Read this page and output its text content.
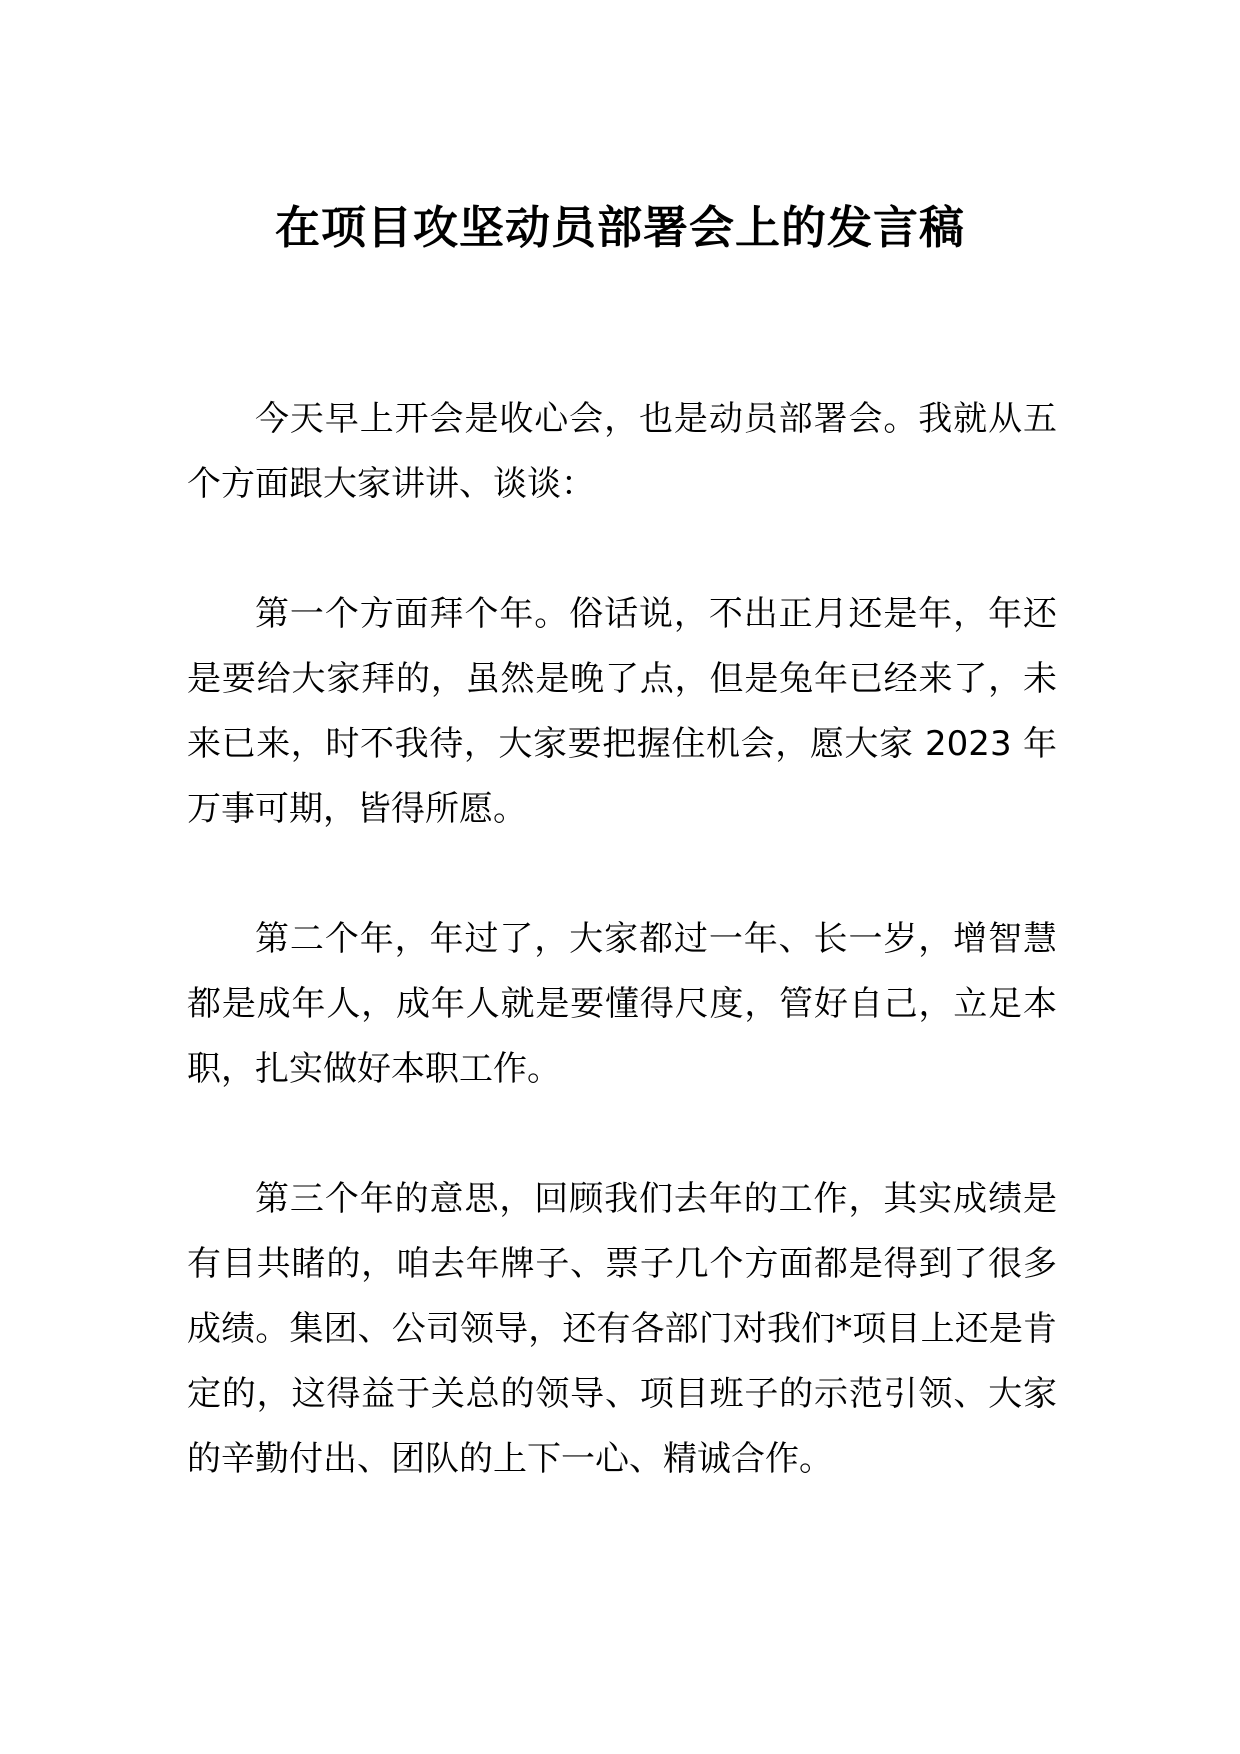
在项目攻坚动员部署会上的发言稿

今天早上开会是收心会，也是动员部署会。我就从五个方面跟大家讲讲、谈谈：

第一个方面拜个年。俗话说，不出正月还是年，年还是要给大家拜的，虽然是晚了点，但是兔年已经来了，未来已来，时不我待，大家要把握住机会，愿大家 2023 年万事可期，皆得所愿。

第二个年，年过了，大家都过一年、长一岁，增智慧都是成年人，成年人就是要懂得尺度，管好自己，立足本职，扎实做好本职工作。

第三个年的意思，回顾我们去年的工作，其实成绩是有目共睹的，咱去年牌子、票子几个方面都是得到了很多成绩。集团、公司领导，还有各部门对我们*项目上还是肯定的，这得益于关总的领导、项目班子的示范引领、大家的辛勤付出、团队的上下一心、精诚合作。
